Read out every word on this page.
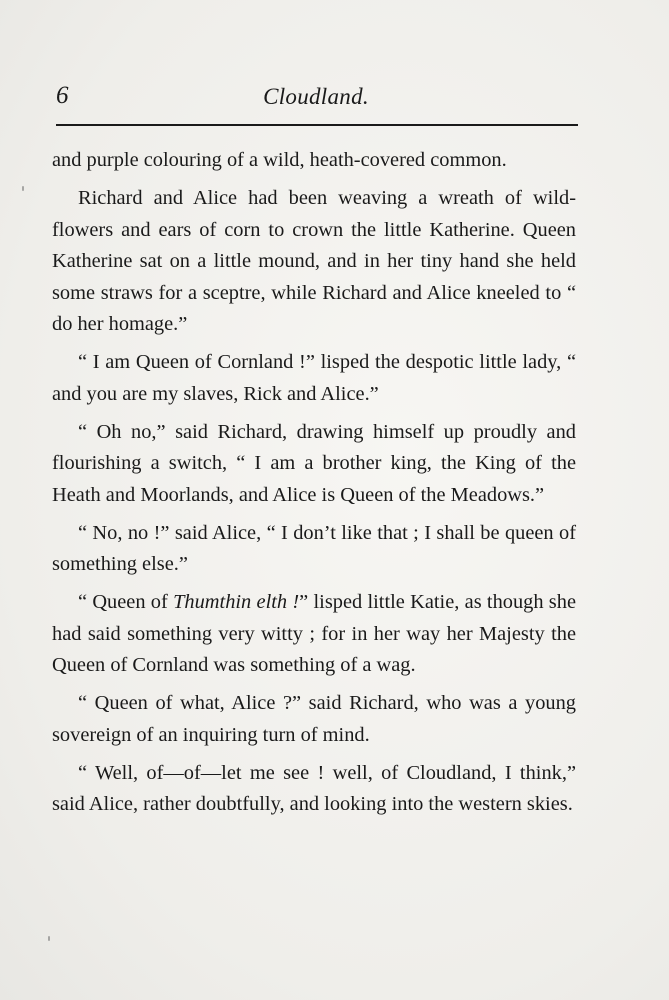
6	Cloudland.

and purple colouring of a wild, heath-covered common.

Richard and Alice had been weaving a wreath of wild-flowers and ears of corn to crown the little Katherine. Queen Katherine sat on a little mound, and in her tiny hand she held some straws for a sceptre, while Richard and Alice kneeled to “ do her homage.”

“ I am Queen of Cornland !” lisped the despotic little lady, “ and you are my slaves, Rick and Alice.”

“ Oh no,” said Richard, drawing himself up proudly and flourishing a switch, “ I am a brother king, the King of the Heath and Moorlands, and Alice is Queen of the Meadows.”

“ No, no !” said Alice, “ I don’t like that ; I shall be queen of something else.”

“ Queen of Thumthin elth !” lisped little Katie, as though she had said something very witty ; for in her way her Majesty the Queen of Cornland was something of a wag.

“ Queen of what, Alice ?” said Richard, who was a young sovereign of an inquiring turn of mind.

“ Well, of—of—let me see ! well, of Cloudland, I think,” said Alice, rather doubtfully, and looking into the western skies.
